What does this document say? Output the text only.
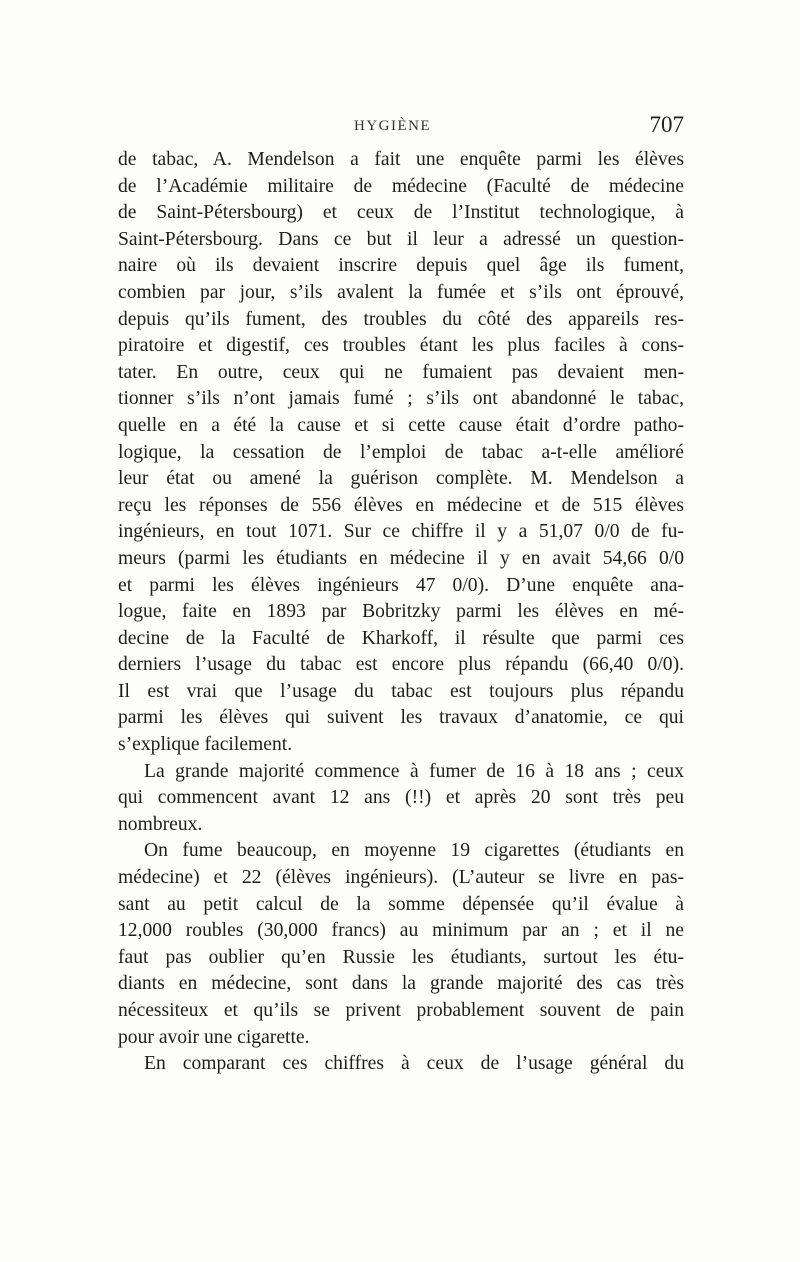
HYGIÈNE	707
de tabac, A. Mendelson a fait une enquête parmi les élèves
de l’Académie militaire de médecine (Faculté de médecine
de Saint-Pétersbourg) et ceux de l’Institut technologique, à
Saint-Pétersbourg. Dans ce but il leur a adressé un question-
naire où ils devaient inscrire depuis quel âge ils fument,
combien par jour, s’ils avalent la fumée et s’ils ont éprouvé,
depuis qu’ils fument, des troubles du côté des appareils res-
piratoire et digestif, ces troubles étant les plus faciles à cons-
tater. En outre, ceux qui ne fumaient pas devaient men-
tionner s’ils n’ont jamais fumé ; s’ils ont abandonné le tabac,
quelle en a été la cause et si cette cause était d’ordre patho-
logique, la cessation de l’emploi de tabac a-t-elle amélioré
leur état ou amené la guérison complète. M. Mendelson a
reçu les réponses de 556 élèves en médecine et de 515 élèves
ingénieurs, en tout 1071. Sur ce chiffre il y a 51,07 0/0 de fu-
meurs (parmi les étudiants en médecine il y en avait 54,66 0/0
et parmi les élèves ingénieurs 47 0/0). D’une enquête ana-
logue, faite en 1893 par Bobritzky parmi les élèves en mé-
decine de la Faculté de Kharkoff, il résulte que parmi ces
derniers l’usage du tabac est encore plus répandu (66,40 0/0).
Il est vrai que l’usage du tabac est toujours plus répandu
parmi les élèves qui suivent les travaux d’anatomie, ce qui
s’explique facilement.
La grande majorité commence à fumer de 16 à 18 ans ; ceux
qui commencent avant 12 ans (!!) et après 20 sont très peu
nombreux.
On fume beaucoup, en moyenne 19 cigarettes (étudiants en
médecine) et 22 (élèves ingénieurs). (L’auteur se livre en pas-
sant au petit calcul de la somme dépensée qu’il évalue à
12,000 roubles (30,000 francs) au minimum par an ; et il ne
faut pas oublier qu’en Russie les étudiants, surtout les étu-
diants en médecine, sont dans la grande majorité des cas très
nécessiteux et qu’ils se privent probablement souvent de pain
pour avoir une cigarette.
En comparant ces chiffres à ceux de l’usage général du
